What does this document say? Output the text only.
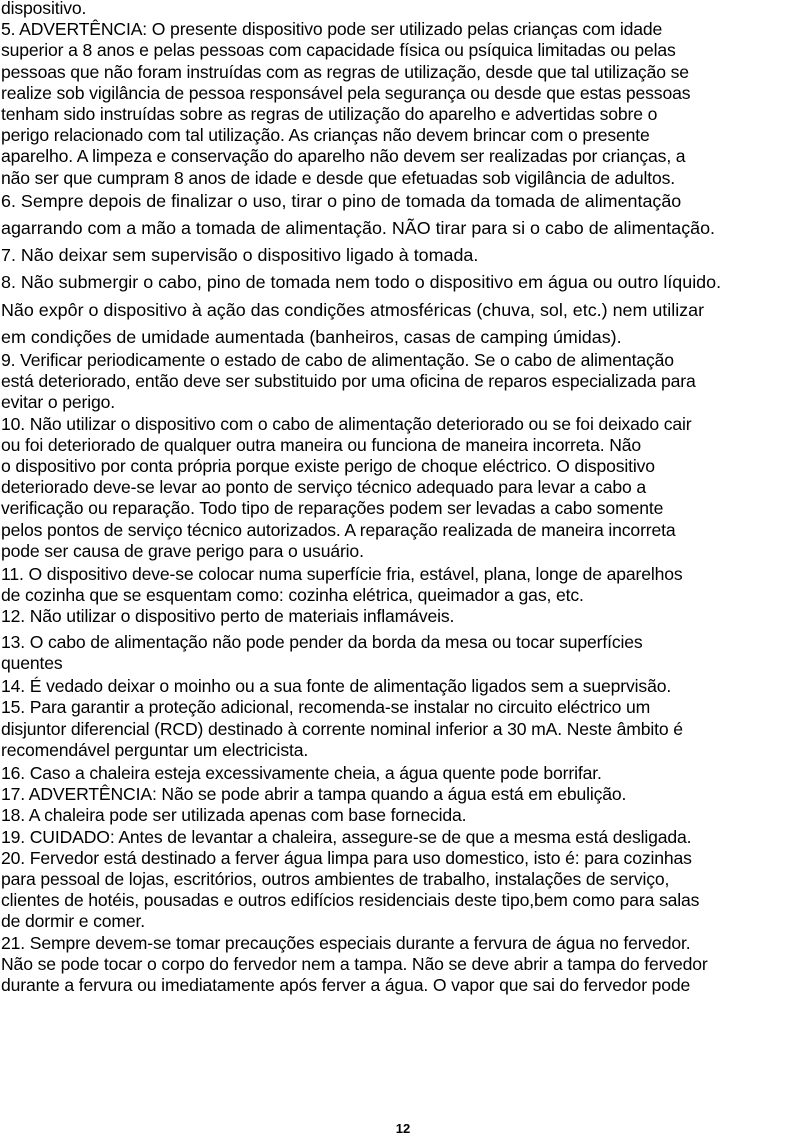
dispositivo.
5. ADVERTÊNCIA: O presente dispositivo pode ser utilizado pelas crianças com idade
superior a 8 anos e pelas pessoas com capacidade física ou psíquica limitadas ou pelas
pessoas que não foram instruídas com as regras de utilização, desde que tal utilização se
realize sob vigilância de pessoa responsável pela segurança ou desde que estas pessoas
tenham sido instruídas sobre as regras de utilização do aparelho e advertidas sobre o
perigo relacionado com tal utilização. As crianças não devem brincar com o presente
aparelho. A limpeza e conservação do aparelho não devem ser realizadas por crianças, a
não ser que cumpram 8 anos de idade e desde que efetuadas sob vigilância de adultos.
6. Sempre depois de finalizar o uso, tirar o pino de tomada da tomada de alimentação
agarrando com a mão a tomada de alimentação. NÃO tirar para si o cabo de alimentação.
7. Não deixar sem supervisão o dispositivo ligado à tomada.
8. Não submergir o cabo, pino de tomada nem todo o dispositivo em água ou outro líquido.
Não expôr o dispositivo à ação das condições atmosféricas (chuva, sol, etc.) nem utilizar
em condições de umidade aumentada (banheiros, casas de camping úmidas).
9. Verificar periodicamente o estado de cabo de alimentação. Se o cabo de alimentação
está deteriorado, então deve ser substituido por uma oficina de reparos especializada para
evitar o perigo.
10. Não utilizar o dispositivo com o cabo de alimentação deteriorado ou se foi deixado cair
ou foi deteriorado de qualquer outra maneira ou funciona de maneira incorreta. Não
o dispositivo por conta própria porque existe perigo de choque eléctrico. O dispositivo
deteriorado deve-se levar ao ponto de serviço técnico adequado para levar a cabo a
verificação ou reparação. Todo tipo de reparações podem ser levadas a cabo somente
pelos pontos de serviço técnico autorizados. A reparação realizada de maneira incorreta
pode ser causa de grave perigo para o usuário.
11. O dispositivo deve-se colocar numa superfície fria, estável, plana, longe de aparelhos
de cozinha que se esquentam como: cozinha elétrica, queimador a gas, etc.
12. Não utilizar o dispositivo perto de materiais inflamáveis.
13. O cabo de alimentação não pode pender da borda da mesa ou tocar superfícies
quentes
14. É vedado deixar o moinho ou a sua fonte de alimentação ligados sem a sueprvisão.
15. Para garantir a proteção adicional, recomenda-se instalar no circuito eléctrico um
disjuntor diferencial (RCD) destinado à corrente nominal inferior a 30 mA. Neste âmbito é
recomendável perguntar um electricista.
16. Caso a chaleira esteja excessivamente cheia, a água quente pode borrifar.
17. ADVERTÊNCIA: Não se pode abrir a tampa quando a água está em ebulição.
18. A chaleira pode ser utilizada apenas com base fornecida.
19. CUIDADO: Antes de levantar a chaleira, assegure-se de que a mesma está desligada.
20. Fervedor está destinado a ferver água limpa para uso domestico, isto é: para cozinhas
para pessoal de lojas, escritórios, outros ambientes de trabalho, instalações de serviço,
clientes de hotéis, pousadas e outros edifícios residenciais deste tipo,bem como para salas
de dormir e comer.
21. Sempre devem-se tomar precauções especiais durante a fervura de água no fervedor.
Não se pode tocar o corpo do fervedor nem a tampa. Não se deve abrir a tampa do fervedor
durante a fervura ou imediatamente após ferver a água. O vapor que sai do fervedor pode
12
